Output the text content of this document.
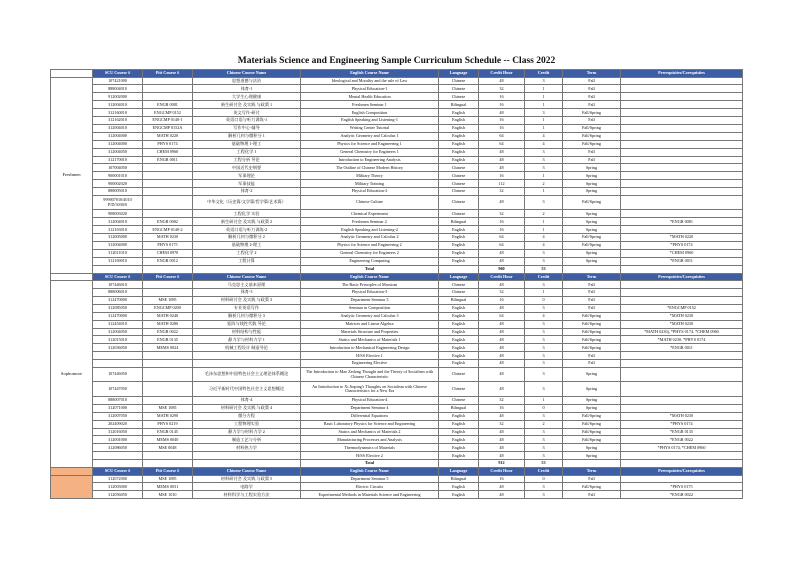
Materials Science and Engineering Sample Curriculum Schedule -- Class 2022
	SCU Course #	Pitt Course #	Chinese Course Name	English Course Name	Language	Credit Hour	Credit	Term	Prerequisites/Corequisites
Freshmen	107421000		思想道德与法治	Ideological and Morality and the rule of Law	Chinese	48	3	Fall	
	888004010		体育-1	Physical Education-1	Chinese	32	1	Fall	
	912002000		大学生心理健康	Mental Health Education	Chinese	16	1	Fall	
	312004010	ENGR 0081	新生研讨会 及实践 与政策 1	Freshmen Seminar 1	Bilingual	16	1	Fall	
	312160010	ENGCMP 0152	英文写作-研讨	English Composition	English	48	3	Fall/Spring	
	312162010	ENGCMP 0140-1	英语口语与听力训练-1	English Speaking and Listening-1	English	16	1	Fall	
	312004010	ENGCMP 0152A	写作中心-辅导	Writing Center Tutorial	English	16	1	Fall/Spring	
	312004000	MATH 0220	解析几何与微积分 1	Analytic Geometry and Calculus 1	English	64	4	Fall/Spring	
	312004000	PHYS 0174	基础物理 1-理工	Physics for Science and Engineering 1	English	64	4	Fall/Spring	
	312004050	CHEM 0960	工程化学 1	General Chemistry for Engineers 1	English	48	3	Fall	
	312170010	ENGR 0011	工程分析 导论	Introduction to Engineering Analysis	English	48	3	Fall	
	107004050		中国近代史纲要	The Outline of Chinese Modern History	Chinese	48	3	Spring	
	900001010		军事理论	Military Theory	Chinese	16	1	Spring	
	900002020		军事技能	Military Training	Chinese	112	2	Spring	
	888005010		体育-2	Physical Education-2	Chinese	32	1	Spring	
	999007010/4010 P/D/3030/0		中华文化（历史篇/文学篇/哲学篇/艺术篇）	Chinese Culture	Chinese	48	3	Fall/Spring	
	908003020		工程化学 实验	Chemical Experiment	Chinese	32	2	Spring	
	312004010	ENGR 0082	新生研讨会 及实践 与政策 2	Freshmen Seminar 2	Bilingual	16	1	Spring	*ENGR 0081
	312163010	ENGCMP 0140-2	英语口语与听力训练-2	English Speaking and Listening-2	English	16	1	Spring	
	312005000	MATH 0230	解析几何与微积分 2	Analytic Geometry and Calculus 2	English	64	4	Fall/Spring	*MATH 0220
	312004000	PHYS 0175	基础物理 2-理工	Physics for Science and Engineering 2	English	64	4	Fall/Spring	*PHYS 0174
	312011010	CHEM 0970	工程化学 2	General Chemistry for Engineers 2	English	48	3	Spring	*CHEM 0960
	312169010	ENGR 0012	工程计算	Engineering Computing	English	48	3	Spring	*ENGR 0011
				Total		960	53		
	SCU Course #	Pitt Course #	Chinese Course Name	English Course Name	Language	Credit Hour	Credit	Term	Prerequisites/Corequisites
Sophomore	107446010		马克思主义基本原理	The Basic Principles of Marxism	Chinese	48	3	Fall	
	888006010		体育-3	Physical Education-3	Chinese	32	1	Fall	
	312470000	MSE 1085	材料研讨会 及实践 与政策 3	Department Seminar 3	Bilingual	16	0	Fall	
	312085050	ENGCMP 0200	专业英语写作	Seminar in Composition	English	48	3	Fall	*ENGCMP 0152
	312470000	MATH 0240	解析几何与微积分 3	Analytic Geometry and Calculus 3	English	64	4	Fall/Spring	*MATH 0230
	312454010	MATH 0280	矩阵与线性代数 导论	Matrices and Linear Algebra	English	48	3	Fall/Spring	*MATH 0230
	312004050	ENGR 0022	材料结构与性能	Materials Structure and Properties	English	48	3	Fall/Spring	*MATH 0230j, *PHYS 0174, *CHEM 0960
	312015010	ENGR 0135	静力学与材料力学 1	Statics and Mechanics of Materials 1	English	48	3	Fall/Spring	*MATH 0230, *PHYS 0174
	312036050	MEMS 0024	机械工程设计 制造导论	Introduction to Mechanical Engineering Design	English	48	3	Fall/Spring	*ENGR 0011
				H/SS Elective 1	English	48	3	Fall	
				Engineering Elective	English	48	3	Fall	
	107446050		毛泽东思想和中国特色社会主义理论体系概论	The Introduction to Mao Zedong Thought and the Theory of Socialism with Chinese Characteristic	Chinese	48	3	Spring	
	107447050		习近平新时代中国特色社会主义思想概论	An Introduction to Xi Jinping's Thoughts on Socialism with Chinese Characteristics for a New Era	Chinese	48	3	Spring	
	888007010		体育-4	Physical Education-4	Chinese	32	1	Spring	
	312071000	MSE 1085	材料研讨会 及实践 与政策 4	Department Seminar 4	Bilingual	16	0	Spring	
	312007050	MATH 0290	微分方程	Differential Equations	English	48	3	Fall/Spring	*MATH 0230
	202409020	PHYS 0219	工程物理实验	Basic Laboratory Physics for Science and Engineering	English	32	2	Fall/Spring	*PHYS 0174
	312016050	ENGR 0145	静力学与材料力学 2	Statics and Mechanics of Materials 2	English	48	3	Fall/Spring	*ENGR 0135
	312001000	MEMS 0040	制造工艺与分析	Manufacturing Processes and Analysis	English	48	3	Fall/Spring	*ENGR 0022
	312086050	MSE 0048	材料热力学	Thermodynamics of Materials	English	48	3	Spring	*PHYS 0174, *CHEM 0960
				H/SS Elective 2	English	48	3	Spring	
				Total		912	53		
	SCU Course #	Pitt Course #	Chinese Course Name	English Course Name	Language	Credit Hour	Credit	Term	Prerequisites/Corequisites
	312072000	MSE 1085	材料研讨会 及实践 与政策 5	Department Seminar 5	Bilingual	16	0	Fall	
	312003000	MEMS 0031	电路学	Electric Circuits	English	48	3	Fall/Spring	*PHYS 0175
	312056050	MSE 1010	材料科学与工程实验方法	Experimental Methods in Materials Science and Engineering	English	48	3	Fall	*ENGR 0022
